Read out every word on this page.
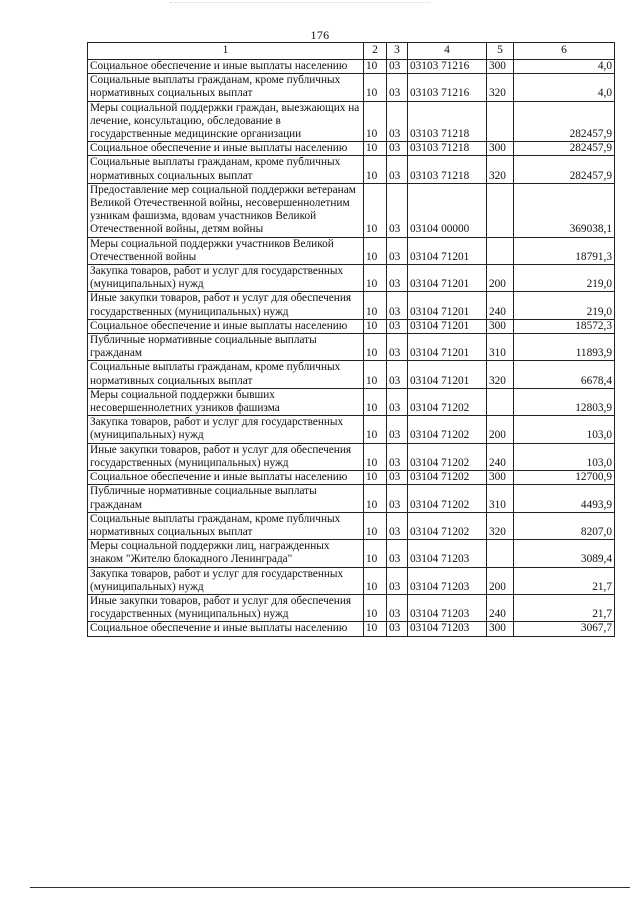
176
1	2	3	4	5	6
Социальное обеспечение и иные выплаты населению	10	03	03103 71216	300	4,0
Социальные выплаты гражданам, кроме публичных нормативных социальных выплат	10	03	03103 71216	320	4,0
Меры социальной поддержки граждан, выезжающих на лечение, консультацию, обследование в государственные медицинские организации	10	03	03103 71218		282457,9
Социальное обеспечение и иные выплаты населению	10	03	03103 71218	300	282457,9
Социальные выплаты гражданам, кроме публичных нормативных социальных выплат	10	03	03103 71218	320	282457,9
Предоставление мер социальной поддержки ветеранам Великой Отечественной войны, несовершеннолетним узникам фашизма, вдовам участников Великой Отечественной войны, детям войны	10	03	03104 00000		369038,1
Меры социальной поддержки участников Великой Отечественной войны	10	03	03104 71201		18791,3
Закупка товаров, работ и услуг для государственных (муниципальных) нужд	10	03	03104 71201	200	219,0
Иные закупки товаров, работ и услуг для обеспечения государственных (муниципальных) нужд	10	03	03104 71201	240	219,0
Социальное обеспечение и иные выплаты населению	10	03	03104 71201	300	18572,3
Публичные нормативные социальные выплаты гражданам	10	03	03104 71201	310	11893,9
Социальные выплаты гражданам, кроме публичных нормативных социальных выплат	10	03	03104 71201	320	6678,4
Меры социальной поддержки бывших несовершеннолетних узников фашизма	10	03	03104 71202		12803,9
Закупка товаров, работ и услуг для государственных (муниципальных) нужд	10	03	03104 71202	200	103,0
Иные закупки товаров, работ и услуг для обеспечения государственных (муниципальных) нужд	10	03	03104 71202	240	103,0
Социальное обеспечение и иные выплаты населению	10	03	03104 71202	300	12700,9
Публичные нормативные социальные выплаты гражданам	10	03	03104 71202	310	4493,9
Социальные выплаты гражданам, кроме публичных нормативных социальных выплат	10	03	03104 71202	320	8207,0
Меры социальной поддержки лиц, награжденных знаком "Жителю блокадного Ленинграда"	10	03	03104 71203		3089,4
Закупка товаров, работ и услуг для государственных (муниципальных) нужд	10	03	03104 71203	200	21,7
Иные закупки товаров, работ и услуг для обеспечения государственных (муниципальных) нужд	10	03	03104 71203	240	21,7
Социальное обеспечение и иные выплаты населению	10	03	03104 71203	300	3067,7
